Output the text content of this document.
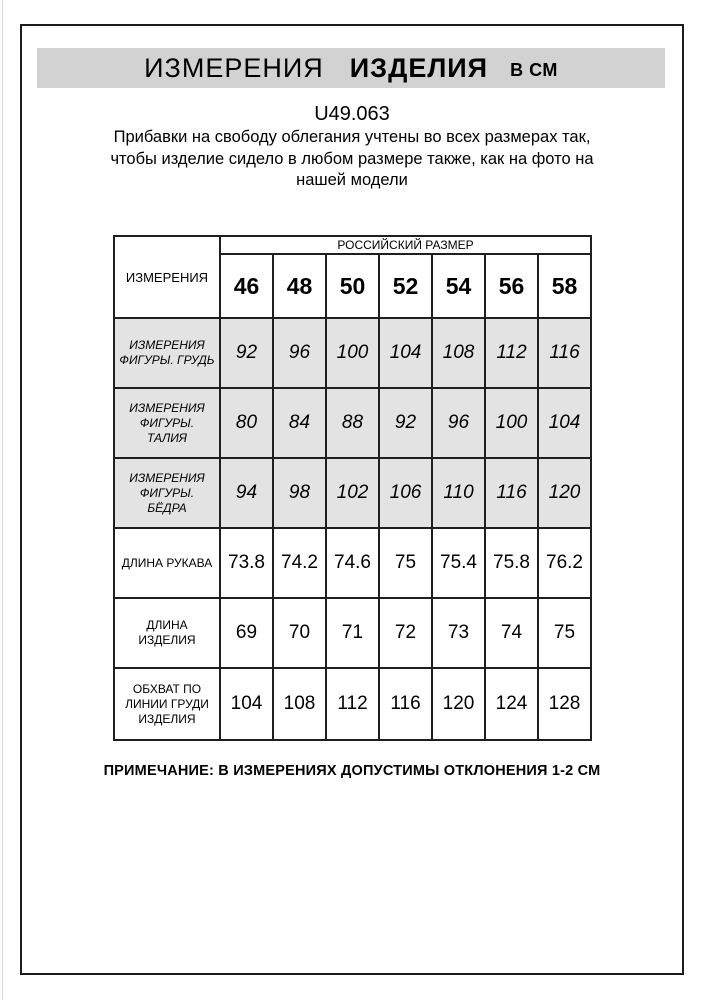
ИЗМЕРЕНИЯ ИЗДЕЛИЯ В СМ
U49.063
Прибавки на свободу облегания учтены во всех размерах так,
чтобы изделие сидело в любом размере также, как на фото на
нашей модели
ИЗМЕРЕНИЯ	РОССИЙСКИЙ РАЗМЕР						
	46	48	50	52	54	56	58
ИЗМЕРЕНИЯ ФИГУРЫ. ГРУДЬ	92	96	100	104	108	112	116
ИЗМЕРЕНИЯ ФИГУРЫ. ТАЛИЯ	80	84	88	92	96	100	104
ИЗМЕРЕНИЯ ФИГУРЫ. БЁДРА	94	98	102	106	110	116	120
ДЛИНА РУКАВА	73.8	74.2	74.6	75	75.4	75.8	76.2
ДЛИНА ИЗДЕЛИЯ	69	70	71	72	73	74	75
ОБХВАТ ПО ЛИНИИ ГРУДИ ИЗДЕЛИЯ	104	108	112	116	120	124	128
ПРИМЕЧАНИЕ: В ИЗМЕРЕНИЯХ ДОПУСТИМЫ ОТКЛОНЕНИЯ 1-2 СМ
